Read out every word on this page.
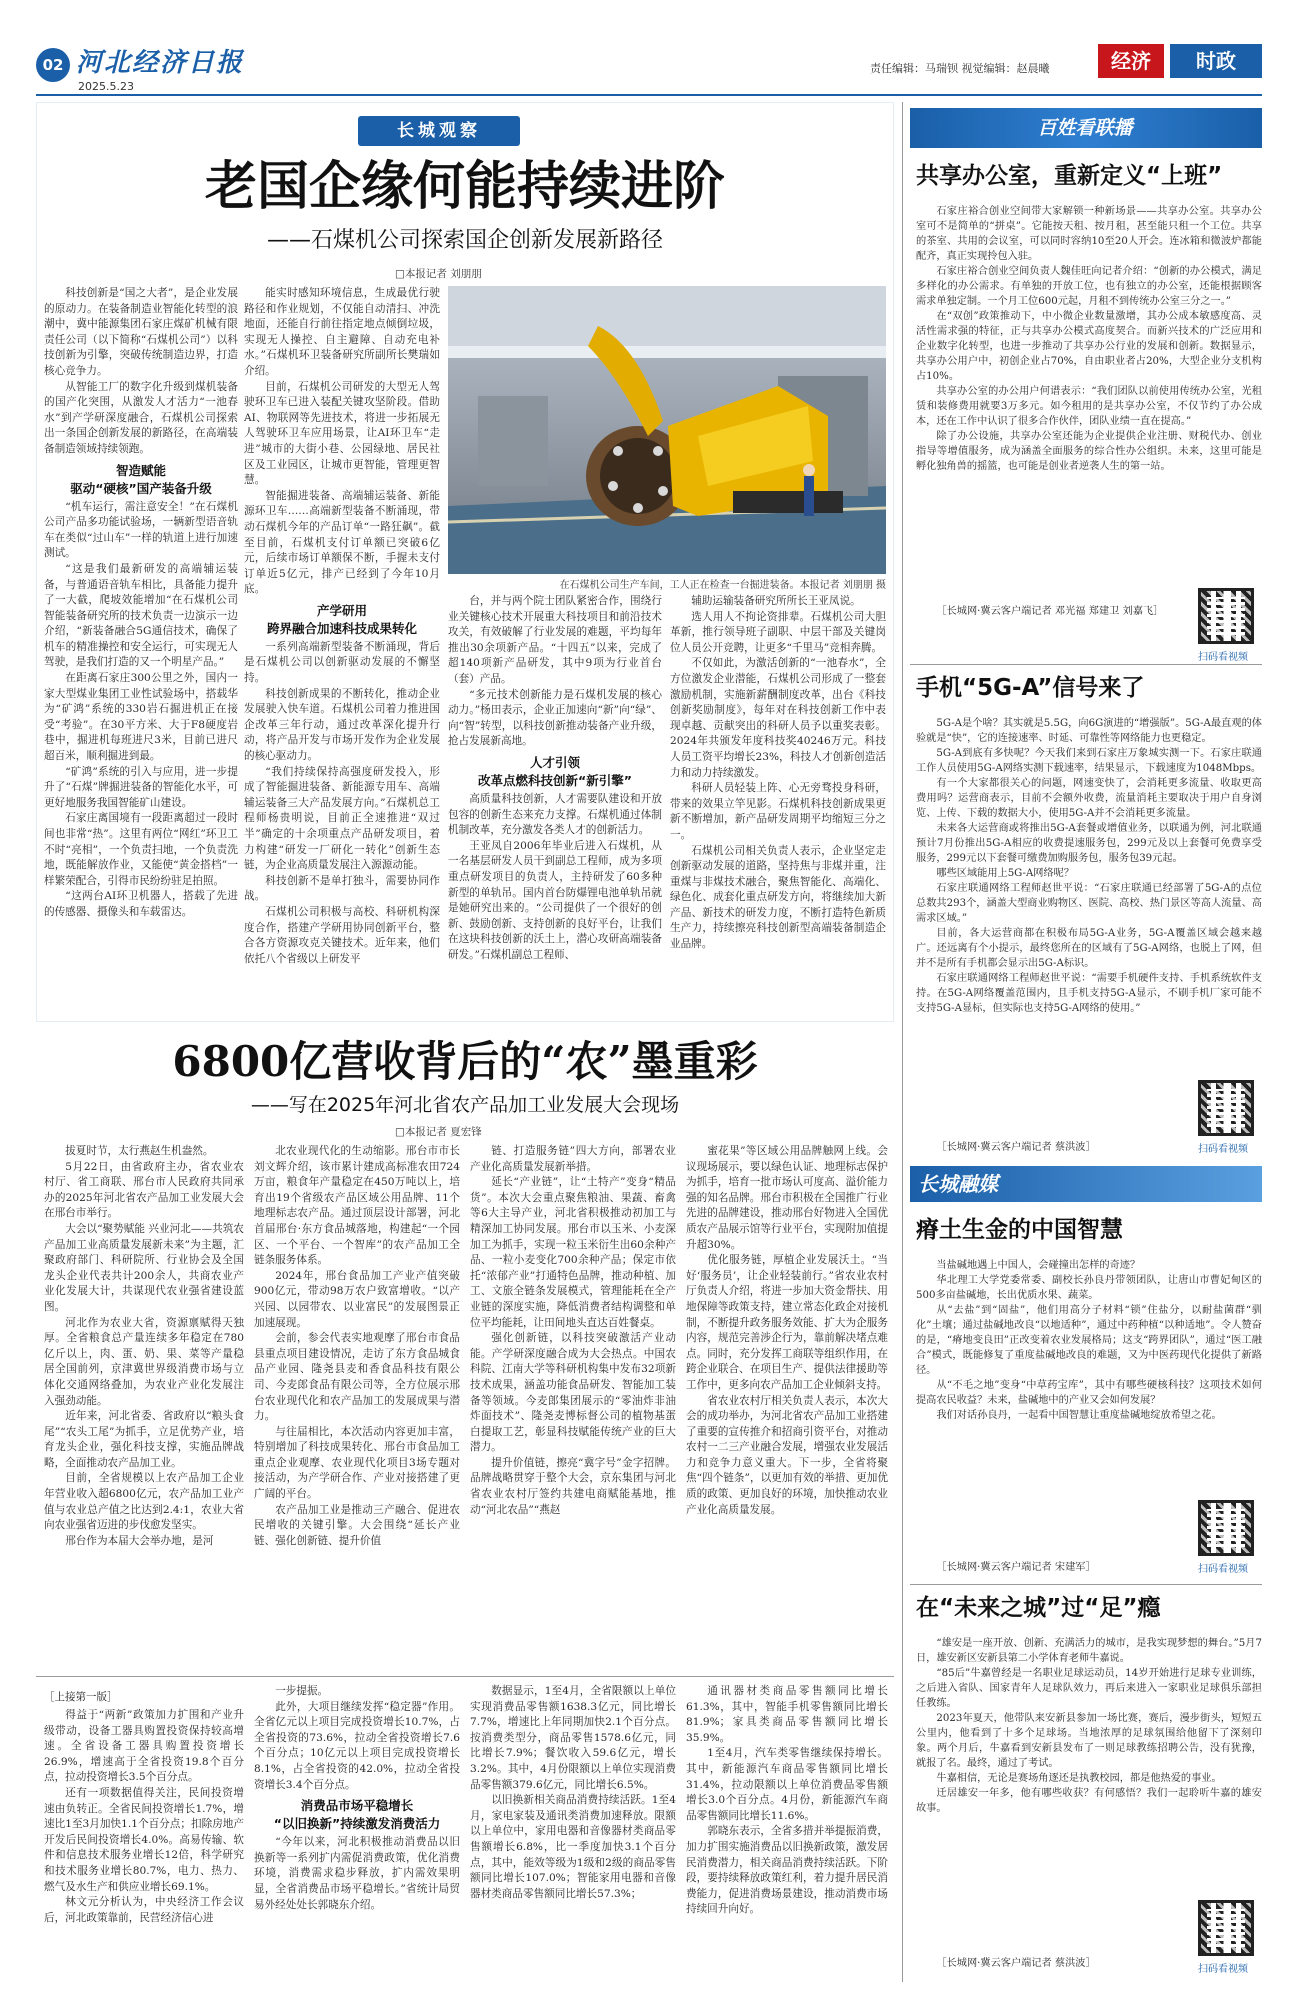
02 河北经济日报
2025.5.23
责任编辑：马瑞钡 视觉编辑：赵晨曦	经济	时政
长城观察
老国企缘何能持续进阶
——石煤机公司探索国企创新发展新路径
□本报记者 刘朋朋

科技创新是“国之大者”，是企业发展的原动力。在装备制造业智能化转型的浪潮中，冀中能源集团石家庄煤矿机械有限责任公司（以下简称“石煤机公司”）以科技创新为引擎，突破传统制造边界，打造核心竞争力。

从智能工厂的数字化升级到煤机装备的国产化突围，从激发人才活力“一池春水”到产学研深度融合，石煤机公司探索出一条国企创新发展的新路径，在高端装备制造领域持续领跑。

智造赋能
驱动“硬核”国产装备升级

“机车运行，需注意安全！”在石煤机公司产品多功能试验场，一辆新型语音轨车在类似“过山车”一样的轨道上进行加速测试。

“这是我们最新研发的高端辅运装备，与普通语音轨车相比，具备能力提升了一大截，爬坡效能增加“在石煤机公司智能装备研究所的技术负责一边演示一边介绍，“新装备融合5G通信技术，确保了机车的精准操控和安全运行，可实现无人驾驶，是我们打造的又一个明星产品。”

在距离石家庄300公里之外，国内一家大型煤业集团工业性试验场中，搭载华为“矿鸿”系统的330岩石掘进机正在接受“考验”。在30平方米、大于F8硬度岩巷中，掘进机每班进尺3米，目前已进尺超百米，顺利掘进到最。

“矿鸿”系统的引入与应用，进一步提升了“石煤”牌掘进装备的智能化水平，可更好地服务我国智能矿山建设。

石家庄离国境有一段距离超过一段时间也非常“热”。这里有两位“网红”环卫工不时“亮相”，一个负责扫地，一个负责洗地，既能解放作业，又能使“黄金搭档”一样繁荣配合，引得市民纷纷驻足拍照。

“这两台AI环卫机器人，搭载了先进的传感器、摄像头和车载雷达。

能实时感知环境信息，生成最优行驶路径和作业规划，不仅能自动清扫、冲洗地面，还能自行前往指定地点倾倒垃圾，实现无人操控、自主避障、自动充电补水。”石煤机环卫装备研究所副所长樊瑞如介绍。

目前，石煤机公司研发的大型无人驾驶环卫车已进入装配关键攻坚阶段。借助AI、物联网等先进技术，将进一步拓展无人驾驶环卫车应用场景，让AI环卫车“走进”城市的大街小巷、公园绿地、居民社区及工业园区，让城市更智能，管理更智慧。

智能掘进装备、高端辅运装备、新能源环卫车……高端新型装备不断涌现，带动石煤机今年的产品订单“一路狂飙”。截至目前，石煤机支付订单额已突破6亿元，后续市场订单额保不断，手握未支付订单近5亿元，排产已经到了今年10月底。

产学研用
跨界融合加速科技成果转化

一系列高端新型装备不断涌现，背后是石煤机公司以创新驱动发展的不懈坚持。

科技创新成果的不断转化，推动企业发展驶入快车道。石煤机公司着力推进国企改革三年行动，通过改革深化提升行动，将产品开发与市场开发作为企业发展的核心驱动力。

“我们持续保持高强度研发投入，形成了智能掘进装备、新能源专用车、高端辅运装备三大产品发展方向。”石煤机总工程师杨贵明说，目前正全速推进“双过半”确定的十余项重点产品研发项目，着力构建“研发一厂研化一转化”创新生态链，为企业高质量发展注入源源动能。

科技创新不是单打独斗，需要协同作战。

石煤机公司积极与高校、科研机构深度合作，搭建产学研用协同创新平台，整合各方资源攻克关键技术。近年来，他们依托八个省级以上研发平

在石煤机公司生产车间，工人正在检查一台掘进装备。本报记者 刘朋朋 摄

台，并与两个院士团队紧密合作，围绕行业关键核心技术开展重大科技项目和前沿技术攻关，有效破解了行业发展的难题，平均每年推出30余项新产品。“十四五”以来，完成了超140项新产品研发，其中9项为行业首台（套）产品。

“多元技术创新能力是石煤机发展的核心动力。”杨田表示，企业正加速向“新”向“绿”、向“智”转型，以科技创新推动装备产业升级，抢占发展新高地。

人才引领
改革点燃科技创新“新引擎”

高质量科技创新，人才需要队建设和开放包容的创新生态来充力支撑。石煤机通过体制机制改革，充分激发各类人才的创新活力。

王亚凤自2006年毕业后进入石煤机，从一名基层研发人员干到副总工程师，成为多项重点研发项目的负责人，主持研发了60多种新型的单轨吊。国内首台防爆锂电池单轨吊就是她研究出来的。“公司提供了一个很好的创新、鼓励创新、支持创新的良好平台，让我们在这块科技创新的沃土上，潜心攻研高端装备研发。”石煤机副总工程师、

辅助运输装备研究所所长王亚凤说。

选人用人不拘论资排辈。石煤机公司大胆革新，推行领导班子副职、中层干部及关键岗位人员公开竞聘，让更多“千里马”竞相奔腾。

不仅如此，为激活创新的“一池春水”，全方位激发企业潜能，石煤机公司形成了一整套激励机制，实施新薪酬制度改革，出台《科技创新奖励制度》，每年对在科技创新工作中表现卓越、贡献突出的科研人员予以重奖表彰。2024年共颁发年度科技奖40246万元。科技人员工资平均增长23%，科技人才创新创造活力和动力持续激发。

科研人员轻装上阵、心无旁骛投身科研，带来的效果立竿见影。石煤机科技创新成果更新不断增加，新产品研发周期平均缩短三分之一。

石煤机公司相关负责人表示，企业坚定走创新驱动发展的道路，坚持焦与非煤并重，注重煤与非煤技术融合，聚焦智能化、高端化、绿色化、成套化重点研发方向，将继续加大新产品、新技术的研发力度，不断打造特色新质生产力，持续擦亮科技创新型高端装备制造企业品牌。

6800亿营收背后的“农”墨重彩
——写在2025年河北省农产品加工业发展大会现场
□本报记者 夏宏锋

拔夏时节，太行燕赵生机盎然。

5月22日，由省政府主办，省农业农村厅、省工商联、邢台市人民政府共同承办的2025年河北省农产品加工业发展大会在邢台市举行。

大会以“聚势赋能 兴业河北——共筑农产品加工业高质量发展新未来”为主题，汇聚政府部门、科研院所、行业协会及全国龙头企业代表共计200余人，共商农业产业化发展大计，共谋现代农业强省建设蓝图。

河北作为农业大省，资源禀赋得天独厚。全省粮食总产量连续多年稳定在780亿斤以上，肉、蛋、奶、果、菜等产量稳居全国前列，京津冀世界级消费市场与立体化交通网络叠加，为农业产业化发展注入强劲动能。

近年来，河北省委、省政府以“粮头食尾”“农头工尾”为抓手，立足优势产业，培育龙头企业，强化科技支撑，实施品牌战略，全面推动农产品加工业。

目前，全省规模以上农产品加工企业年营业收入超6800亿元，农产品加工业产值与农业总产值之比达到2.4:1，农业大省向农业强省迈进的步伐愈发坚实。

邢台作为本届大会举办地，是河

北农业现代化的生动缩影。邢台市市长刘文辉介绍，该市累计建成高标准农田724万亩，粮食年产量稳定在450万吨以上，培育出19个省级农产品区域公用品牌、11个地理标志农产品。通过顶层设计部署，河北首届邢台·东方食品城落地，构建起“一个园区、一个平台、一个智库”的农产品加工全链条服务体系。

2024年，邢台食品加工产业产值突破900亿元，带动98万农户致富增收。“以产兴园、以园带农、以业富民”的发展图景正加速展现。

会前，参会代表实地观摩了邢台市食品县重点项目建设情况，走访了东方食品城食品产业园、隆尧县麦和香食品科技有限公司、今麦郎食品有限公司等，全方位展示邢台农业现代化和农产品加工的发展成果与潜力。

与往届相比，本次活动内容更加丰富，特别增加了科技成果转化、邢台市食品加工重点企业观摩、农业现代化项目3场专题对接活动，为产学研合作、产业对接搭建了更广阔的平台。

农产品加工业是推动三产融合、促进农民增收的关键引擎。大会围绕“延长产业链、强化创新链、提升价值

链、打造服务链”四大方向，部署农业产业化高质量发展新举措。

延长“产业链”，让“土特产”变身“精品货”。本次大会重点聚焦粮油、果蔬、畜禽等6大主导产业，河北省积极推动初加工与精深加工协同发展。邢台市以玉米、小麦深加工为抓手，实现一粒玉米衍生出60余种产品、一粒小麦变化700余种产品；保定市依托“浓郁产业”打通特色品牌，推动种植、加工、文旅全链条发展模式，管理能耗在全产业链的深度实施，降低消费者结构调整和单位平均能耗，让田间地头直达百姓餐桌。

强化创新链，以科技突破激活产业动能。产学研深度融合成为大会热点。中国农科院、江南大学等科研机构集中发布32项新技术成果，涵盖功能食品研发、智能加工装备等领域。今麦郎集团展示的“零油炸非油炸面技术”、隆尧麦博标督公司的植物基蛋白提取工艺，彰显科技赋能传统产业的巨大潜力。

提升价值链，擦亮“冀字号”金字招牌。品牌战略贯穿于整个大会，京东集团与河北省农业农村厅签约共建电商赋能基地，推动“河北农品”“燕赵

蜜花果”等区域公用品牌触网上线。会议现场展示，要以绿色认证、地理标志保护为抓手，培育一批市场认可度高、溢价能力强的知名品牌。邢台市积极在全国推广行业先进的品牌建设，推动邢台好物进入全国优质农产品展示馆等行业平台，实现附加值提升超30%。

优化服务链，厚植企业发展沃土。“当好‘服务员’，让企业轻装前行。”省农业农村厅负责人介绍，将进一步加大资金帮扶、用地保障等政策支持，建立常态化政企对接机制，不断提升政务服务效能、扩大为企服务内容，规范完善涉企行为，靠前解决堵点难点。同时，充分发挥工商联等组织作用，在跨企业联合、在项目生产、提供法律援助等工作中，更多向农产品加工企业倾斜支持。

省农业农村厅相关负责人表示，本次大会的成功举办，为河北省农产品加工业搭建了重要的宣传推介和招商引资平台，对推动农村一二三产业融合发展，增强农业发展活力和竞争力意义重大。下一步，全省将聚焦“四个链条”，以更加有效的举措、更加优质的政策、更加良好的环境，加快推动农业产业化高质量发展。

［上接第一版］

得益于“两新”政策加力扩围和产业升级带动，设备工器具购置投资保持较高增速。全省设备工器具购置投资增长26.9%，增速高于全省投资19.8个百分点，拉动投资增长3.5个百分点。

还有一项数据值得关注，民间投资增速由负转正。全省民间投资增长1.7%，增速比1至3月加快1.1个百分点；扣除房地产开发后民间投资增长4.0%。高易传输、软件和信息技术服务业增长12倍，科学研究和技术服务业增长80.7%，电力、热力、燃气及水生产和供应业增长69.1%。

林文元分析认为，中央经济工作会议后，河北政策靠前，民营经济信心进

一步提振。

此外，大项目继续发挥“稳定器”作用。全省亿元以上项目完成投资增长10.7%，占全省投资的73.6%，拉动全省投资增长7.6个百分点；10亿元以上项目完成投资增长8.1%，占全省投资的42.0%，拉动全省投资增长3.4个百分点。

消费品市场平稳增长
“以旧换新”持续激发消费活力

“今年以来，河北积极推动消费品以旧换新等一系列扩内需促消费政策，优化消费环境，消费需求稳步释放，扩内需效果明显，全省消费品市场平稳增长。”省统计局贸易外经处处长郭晓东介绍。

数据显示，1至4月，全省限额以上单位实现消费品零售额1638.3亿元，同比增长7.7%，增速比上年同期加快2.1个百分点。按消费类型分，商品零售1578.6亿元，同比增长7.9%；餐饮收入59.6亿元，增长3.2%。其中，4月份限额以上单位实现消费品零售额379.6亿元，同比增长6.5%。

以旧换新相关商品消费持续活跃。1至4月，家电家装及通讯类消费加速释放。限额以上单位中，家用电器和音像器材类商品零售额增长6.8%，比一季度加快3.1个百分点，其中，能效等级为1级和2级的商品零售额同比增长107.0%；智能家用电器和音像器材类商品零售额同比增长57.3%；

通讯器材类商品零售额同比增长61.3%，其中，智能手机零售额同比增长81.9%；家具类商品零售额同比增长35.9%。

1至4月，汽车类零售继续保持增长。其中，新能源汽车商品零售额同比增长31.4%，拉动限额以上单位消费品零售额增长3.0个百分点。4月份，新能源汽车商品零售额同比增长11.6%。

郭晓东表示，全省多措并举提振消费，加力扩围实施消费品以旧换新政策，激发居民消费潜力，相关商品消费持续活跃。下阶段，要持续释放政策红利，着力提升居民消费能力，促进消费场景建设，推动消费市场持续回升向好。

百姓看联播
共享办公室，重新定义“上班”

石家庄裕合创业空间带大家解锁一种新场景——共享办公室。共享办公室可不是简单的“拼桌”。它能按天租、按月租，甚至能只租一个工位。共享的茶室、共用的会议室，可以同时容纳10至20人开会。连冰箱和微波炉都能配齐，真正实现拎包入驻。

石家庄裕合创业空间负责人魏佳旺向记者介绍：“创新的办公模式，满足多样化的办公需求。有单独的开放工位，也有独立的办公室，还能根据顾客需求单独定制。一个月工位600元起，月租不到传统办公室三分之一。”

在“双创”政策推动下，中小微企业数量激增，其办公成本敏感度高、灵活性需求强的特征，正与共享办公模式高度契合。而新兴技术的广泛应用和企业数字化转型，也进一步推动了共享办公行业的发展和创新。数据显示，共享办公用户中，初创企业占70%，自由职业者占20%，大型企业分支机构占10%。

共享办公室的办公用户何谱表示：“我们团队以前使用传统办公室，光租赁和装修费用就要3万多元。如今租用的是共享办公室，不仅节约了办公成本，还在工作中认识了很多合作伙伴，团队业绩一直在提高。”

除了办公设施，共享办公室还能为企业提供企业注册、财税代办、创业指导等增值服务，成为涵盖全面服务的综合性办公组织。未来，这里可能是孵化独角兽的摇篮，也可能是创业者逆袭人生的第一站。

［长城网·冀云客户端记者 邓光福 郑建卫 刘嘉飞］
扫码看视频
手机“5G-A”信号来了

5G-A是个啥？其实就是5.5G，向6G演进的“增强版”。5G-A最直观的体验就是“快”，它的连接速率、时延、可靠性等网络能力也更稳定。

5G-A到底有多快呢？今天我们来到石家庄万象城实测一下。石家庄联通工作人员使用5G-A网络实测下载速率，结果显示，下载速度为1048Mbps。

有一个大家都很关心的问题，网速变快了，会消耗更多流量、收取更高费用吗？运营商表示，目前不会额外收费，流量消耗主要取决于用户自身浏览、上传、下载的数据大小，使用5G-A并不会消耗更多流量。

未来各大运营商或将推出5G-A套餐或增值业务，以联通为例，河北联通预计7月份推出5G-A相应的收费提速服务包，299元及以上套餐可免费享受服务，299元以下套餐可缴费加购服务包，服务包39元起。

哪些区域能用上5G-A网络呢？

石家庄联通网络工程师赵世平说：“石家庄联通已经部署了5G-A的点位总数共293个，涵盖大型商业购物区、医院、高校、热门景区等高人流量、高需求区域。”

目前，各大运营商都在积极布局5G-A业务，5G-A覆盖区域会越来越广。还远离有个小提示，最终您所在的区域有了5G-A网络，也脱上了网，但并不是所有手机都会显示出5G-A标识。

石家庄联通网络工程师赵世平说：“需要手机硬件支持、手机系统软件支持。在5G-A网络覆盖范围内，且手机支持5G-A显示，不刷手机厂家可能不支持5G-A显标，但实际也支持5G-A网络的使用。”

［长城网·冀云客户端记者 蔡洪波］	扫码看视频
长城融媒
瘠土生金的中国智慧

当盐碱地遇上中国人，会碰撞出怎样的奇迹？

华北理工大学党委常委、副校长孙良丹带领团队，让唐山市曹妃甸区的500多亩盐碱地，长出优质水果、蔬菜。

从“去盐”到“固盐”，他们用高分子材料“锁”住盐分，以耐盐菌群“驯化”土壤；通过盐碱地改良“以地适种”，通过中药种植“以种适地”。令人赞奋的是，“瘠地变良田”正改变着农业发展格局；这支“跨界团队”，通过“医工融合”模式，既能修复了重度盐碱地改良的难题，又为中医药现代化提供了新路径。

从“不毛之地”变身“中草药宝库”，其中有哪些硬核科技？这项技术如何提高农民收益？未来，盐碱地中的产业又会如何发展？

我们对话孙良丹，一起看中国智慧让重度盐碱地绽放希望之花。

［长城网·冀云客户端记者 宋建军］	扫码看视频
在“未来之城”过“足”瘾

“雄安是一座开放、创新、充满活力的城市，是我实现梦想的舞台。”5月7日，雄安新区安新县第二小学体育老师牛嘉说。

“85后”牛嘉曾经是一名职业足球运动员，14岁开始进行足球专业训练，之后进入省队、国家青年人足球队效力，再后来进入一家职业足球俱乐部担任教练。

2023年夏天，他带队来安新县参加一场比赛，赛后，漫步街头，短短五公里内，他看到了十多个足球场。当地浓厚的足球氛围给他留下了深刻印象。两个月后，牛嘉看到安新县发布了一则足球教练招聘公告，没有犹豫，就报了名。最终，通过了考试。

牛嘉相信，无论是赛场角逐还是执教校园，都是他热爱的事业。

迁居雄安一年多，他有哪些收获？有何感悟？我们一起聆听牛嘉的雄安故事。

［长城网·冀云客户端记者 蔡洪波］
扫码看视频
